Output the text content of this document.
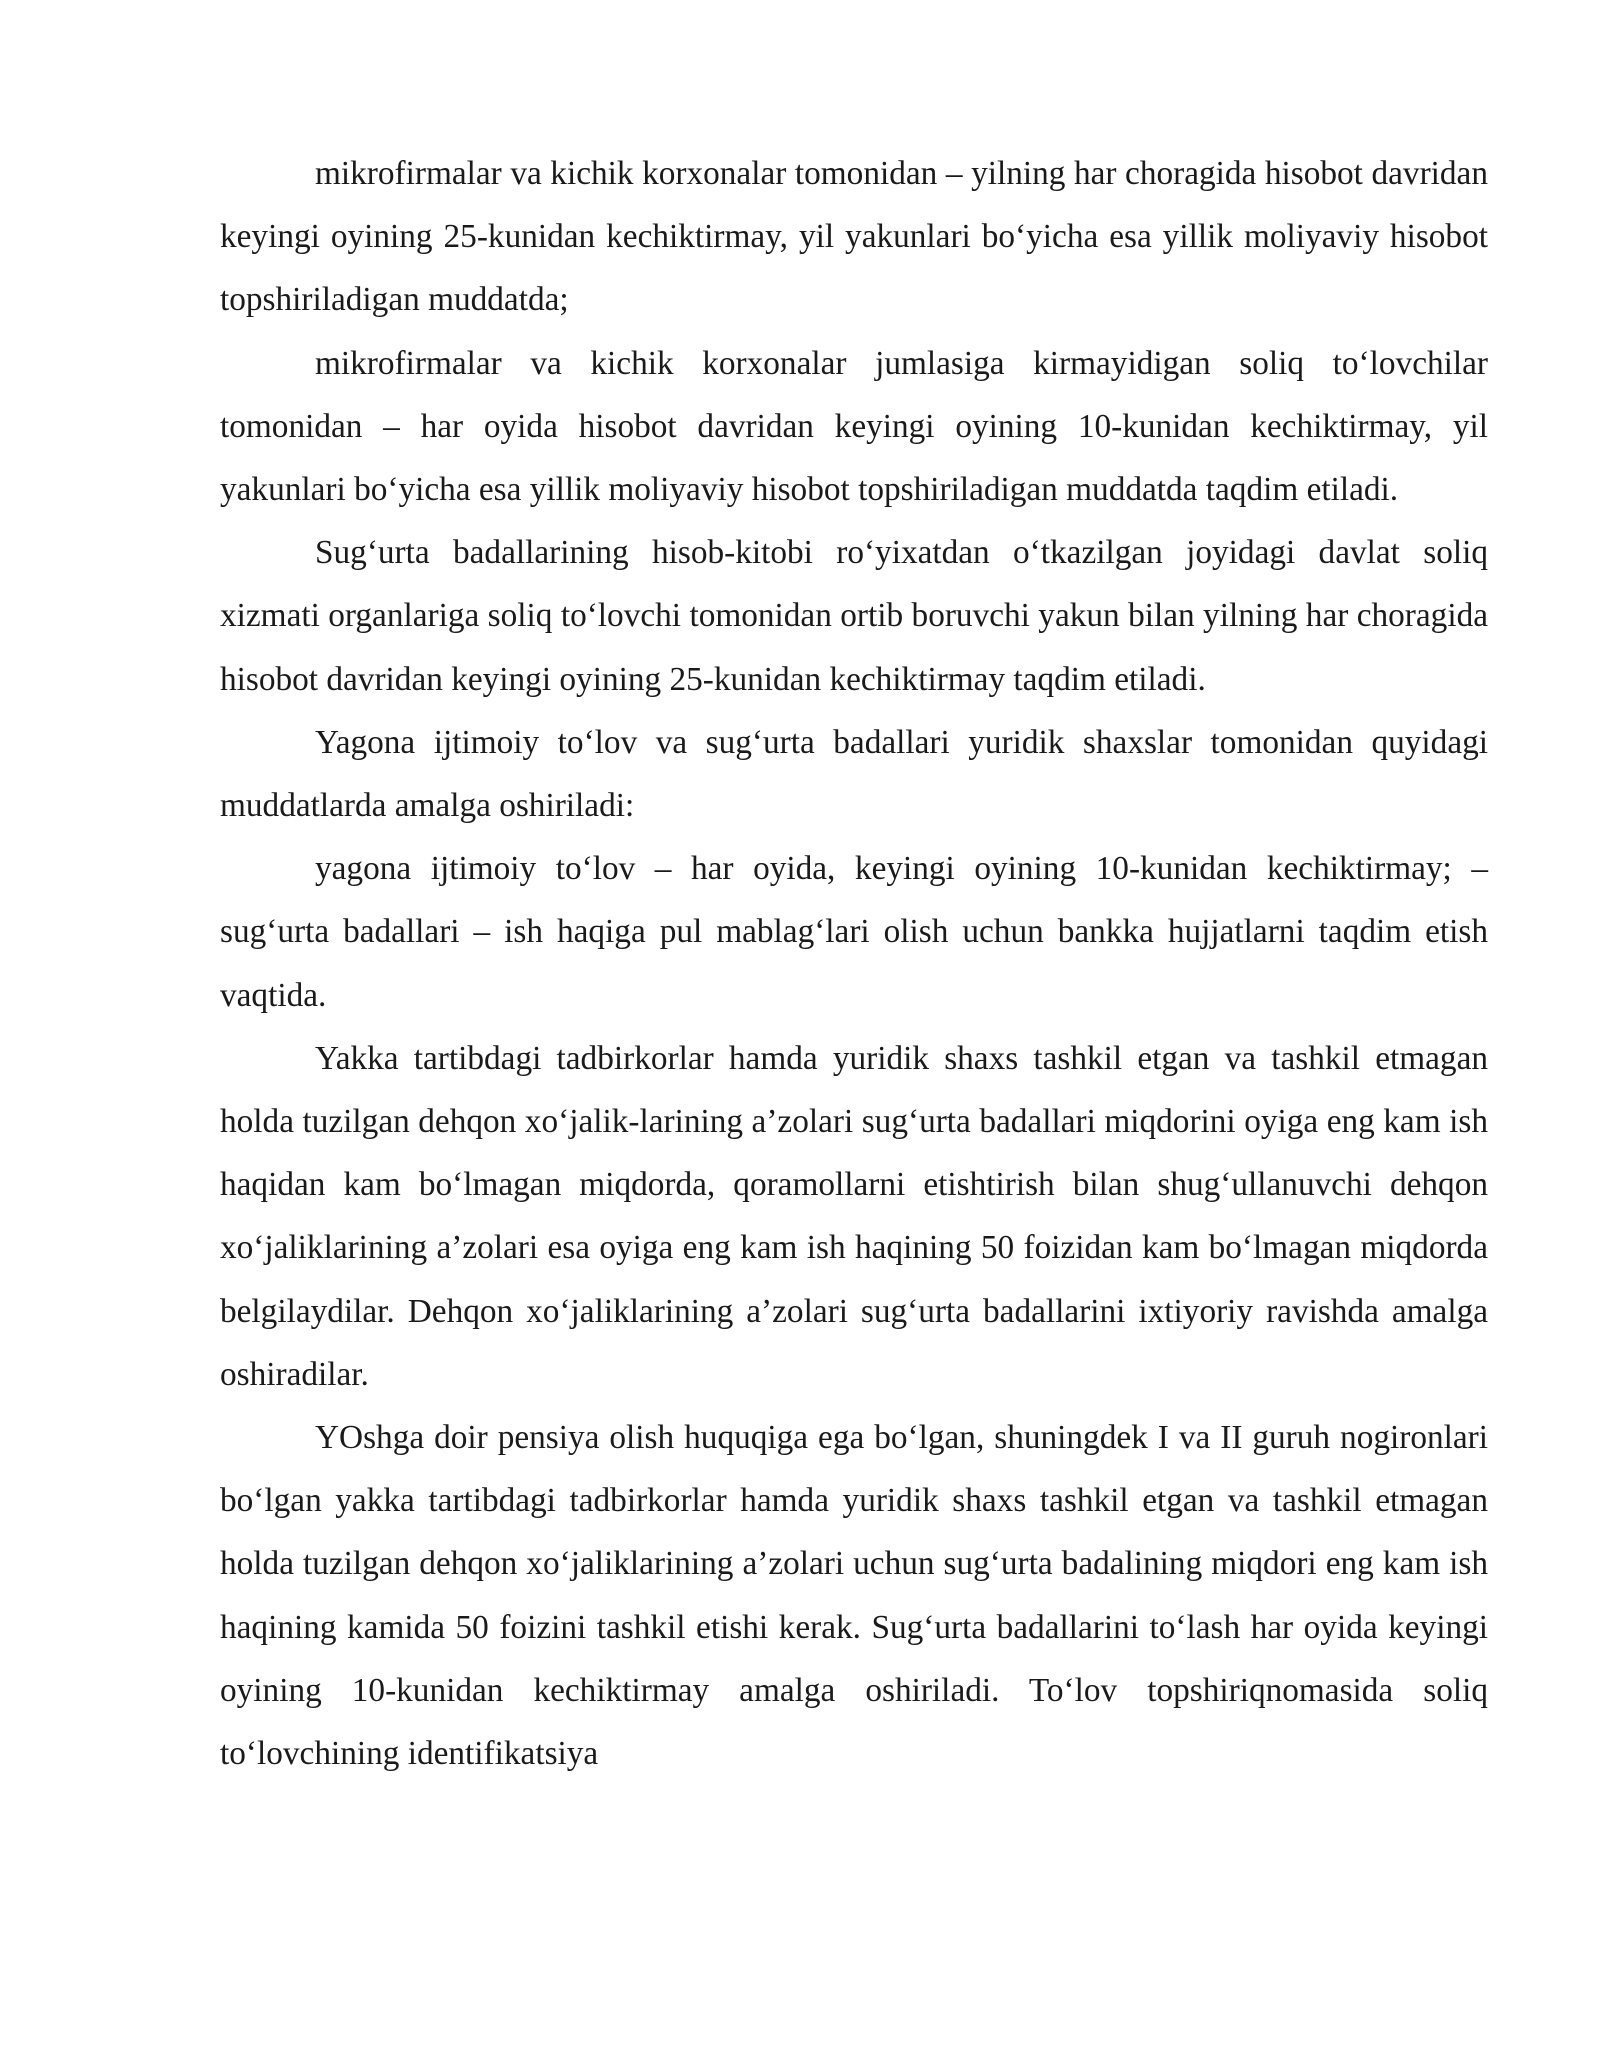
mikrofirmalar va kichik korxonalar tomonidan – yilning har choragida hisobot davridan keyingi oyining 25-kunidan kechiktirmay, yil yakunlari bo‘yicha esa yillik moliyaviy hisobot topshiriladigan muddatda;

mikrofirmalar va kichik korxonalar jumlasiga kirmayidigan soliq to‘lovchilar tomonidan – har oyida hisobot davridan keyingi oyining 10-kunidan kechiktirmay, yil yakunlari bo‘yicha esa yillik moliyaviy hisobot topshiriladigan muddatda taqdim etiladi.

Sug‘urta badallarining hisob-kitobi ro‘yixatdan o‘tkazilgan joyidagi davlat soliq xizmati organlariga soliq to‘lovchi tomonidan ortib boruvchi yakun bilan yilning har choragida hisobot davridan keyingi oyining 25-kunidan kechiktirmay taqdim etiladi.

Yagona ijtimoiy to‘lov va sug‘urta badallari yuridik shaxslar tomonidan quyidagi muddatlarda amalga oshiriladi:

yagona ijtimoiy to‘lov – har oyida, keyingi oyining 10-kunidan kechiktirmay; – sug‘urta badallari – ish haqiga pul mablag‘lari olish uchun bankka hujjatlarni taqdim etish vaqtida.

Yakka tartibdagi tadbirkorlar hamda yuridik shaxs tashkil etgan va tashkil etmagan holda tuzilgan dehqon xo‘jalik-larining a’zolari sug‘urta badallari miqdorini oyiga eng kam ish haqidan kam bo‘lmagan miqdorda, qoramollarni etishtirish bilan shug‘ullanuvchi dehqon xo‘jaliklarining a’zolari esa oyiga eng kam ish haqining 50 foizidan kam bo‘lmagan miqdorda belgilaydilar. Dehqon xo‘jaliklarining a’zolari sug‘urta badallarini ixtiyoriy ravishda amalga oshiradilar.

YOshga doir pensiya olish huquqiga ega bo‘lgan, shuningdek I va II guruh nogironlari bo‘lgan yakka tartibdagi tadbirkorlar hamda yuridik shaxs tashkil etgan va tashkil etmagan holda tuzilgan dehqon xo‘jaliklarining a’zolari uchun sug‘urta badalining miqdori eng kam ish haqining kamida 50 foizini tashkil etishi kerak. Sug‘urta badallarini to‘lash har oyida keyingi oyining 10-kunidan kechiktirmay amalga oshiriladi. To‘lov topshiriqnomasida soliq to‘lovchining identifikatsiya
